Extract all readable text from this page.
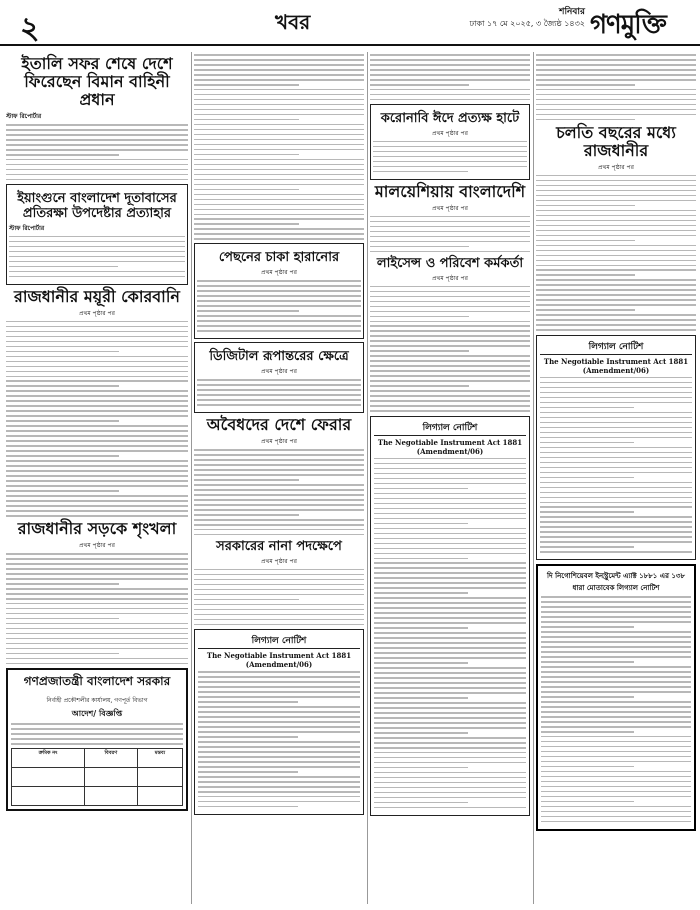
২	খবর	শনিবার
ঢাকা ১৭ মে ২০২৫, ৩ জ্যৈষ্ঠ ১৪৩২ গণমুক্তি
ইতালি সফর শেষে দেশে ফিরেছেন বিমান বাহিনী প্রধান
স্টাফ রিপোর্টার
ইয়াংগুনে বাংলাদেশ দূতাবাসের প্রতিরক্ষা উপদেষ্টার প্রত্যাহার
স্টাফ রিপোর্টার
রাজধানীর ময়ূরী কোরবানি
প্রথম পৃষ্ঠার পর
রাজধানীর সড়কে শৃংখলা
প্রথম পৃষ্ঠার পর
গণপ্রজাতন্ত্রী বাংলাদেশ সরকার
নির্বাহী প্রকৌশলীর কার্যালয়, গণপূর্ত বিভাগ
আদেশ/ বিজ্ঞপ্তি
ক্রমিক নং	বিবরণ	মন্তব্য

পেছনের চাকা হারানোর
প্রথম পৃষ্ঠার পর
ডিজিটাল রূপান্তরের ক্ষেত্রে
প্রথম পৃষ্ঠার পর
অবৈধদের দেশে ফেরার
প্রথম পৃষ্ঠার পর
সরকারের নানা পদক্ষেপে
প্রথম পৃষ্ঠার পর
লিগ্যাল নোটিশ
The Negotiable Instrument Act 1881 (Amendment/06)
করোনাবি ঈদে প্রত্যক্ষ হাটে
প্রথম পৃষ্ঠার পর
মালয়েশিয়ায় বাংলাদেশি
প্রথম পৃষ্ঠার পর
লাইসেন্স ও পরিবেশ কর্মকর্তা
প্রথম পৃষ্ঠার পর
লিগ্যাল নোটিশ
The Negotiable Instrument Act 1881 (Amendment/06)
চলতি বছরের মধ্যে রাজধানীর
প্রথম পৃষ্ঠার পর
লিগ্যাল নোটিশ
The Negotiable Instrument Act 1881 (Amendment/06)
দি নিগোশিয়েবল ইনস্ট্রুমেন্ট এ্যাক্ট ১৮৮১ এর ১৩৮ ধারা মোতাবেক লিগ্যাল নোটিশ
